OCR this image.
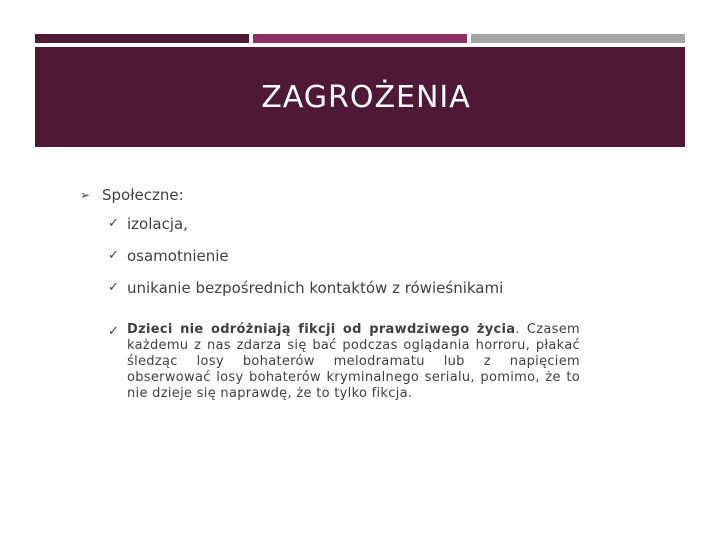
ZAGROŻENIA
➢ Społeczne:
✓ izolacja,
✓ osamotnienie
✓ unikanie bezpośrednich kontaktów z rówieśnikami
✓ Dzieci nie odróżniają fikcji od prawdziwego życia. Czasem każdemu z nas zdarza się bać podczas oglądania horroru, płakać śledząc losy bohaterów melodramatu lub z napięciem obserwować losy bohaterów kryminalnego serialu, pomimo, że to nie dzieje się naprawdę, że to tylko fikcja.
